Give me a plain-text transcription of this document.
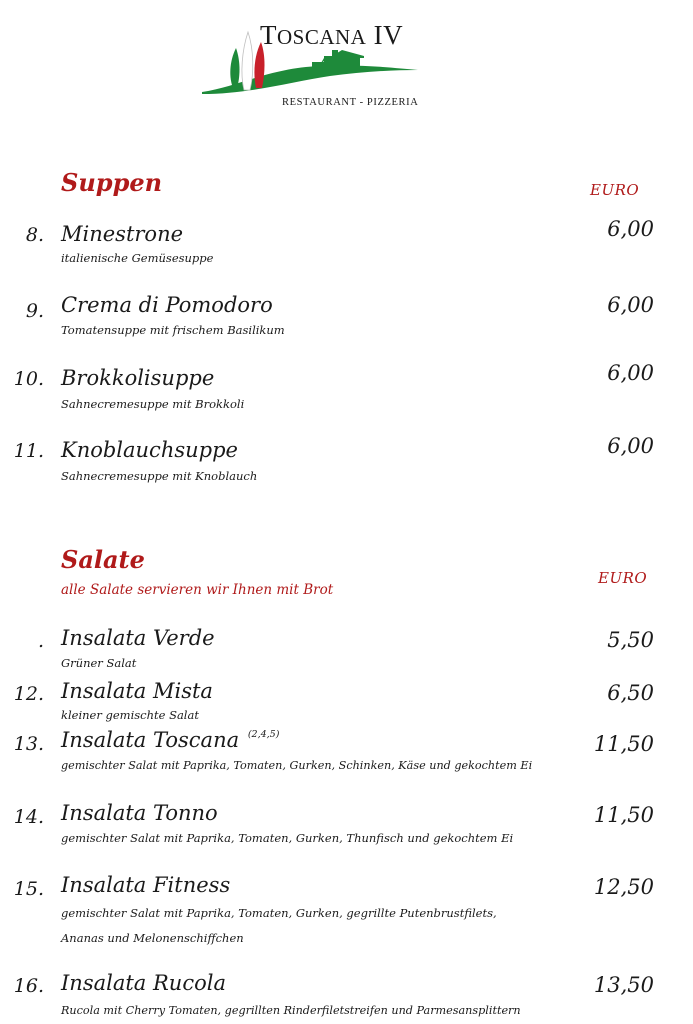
TOSCANA IV
RESTAURANT - PIZZERIA
Suppen	EURO
8. Minestrone
italienische Gemüsesuppe
6,00
9. Crema di Pomodoro
Tomatensuppe mit frischem Basilikum
6,00
10. Brokkolisuppe
Sahnecremesuppe mit Brokkoli
6,00
11. Knoblauchsuppe
Sahnecremesuppe mit Knoblauch
6,00
Salate
alle Salate servieren wir Ihnen mit Brot
EURO
. Insalata Verde
Grüner Salat
5,50
12. Insalata Mista
kleiner gemischte Salat
6,50
13. Insalata Toscana $^{(2,4,5)}$
gemischter Salat mit Paprika, Tomaten, Gurken, Schinken, Käse und gekochtem Ei
11,50
14. Insalata Tonno
gemischter Salat mit Paprika, Tomaten, Gurken, Thunfisch und gekochtem Ei
11,50
15. Insalata Fitness
gemischter Salat mit Paprika, Tomaten, Gurken, gegrillte Putenbrustfilets,
Ananas und Melonenschiffchen
12,50
16. Insalata Rucola
Rucola mit Cherry Tomaten, gegrillten Rinderfiletstreifen und Parmesansplittern
13,50
